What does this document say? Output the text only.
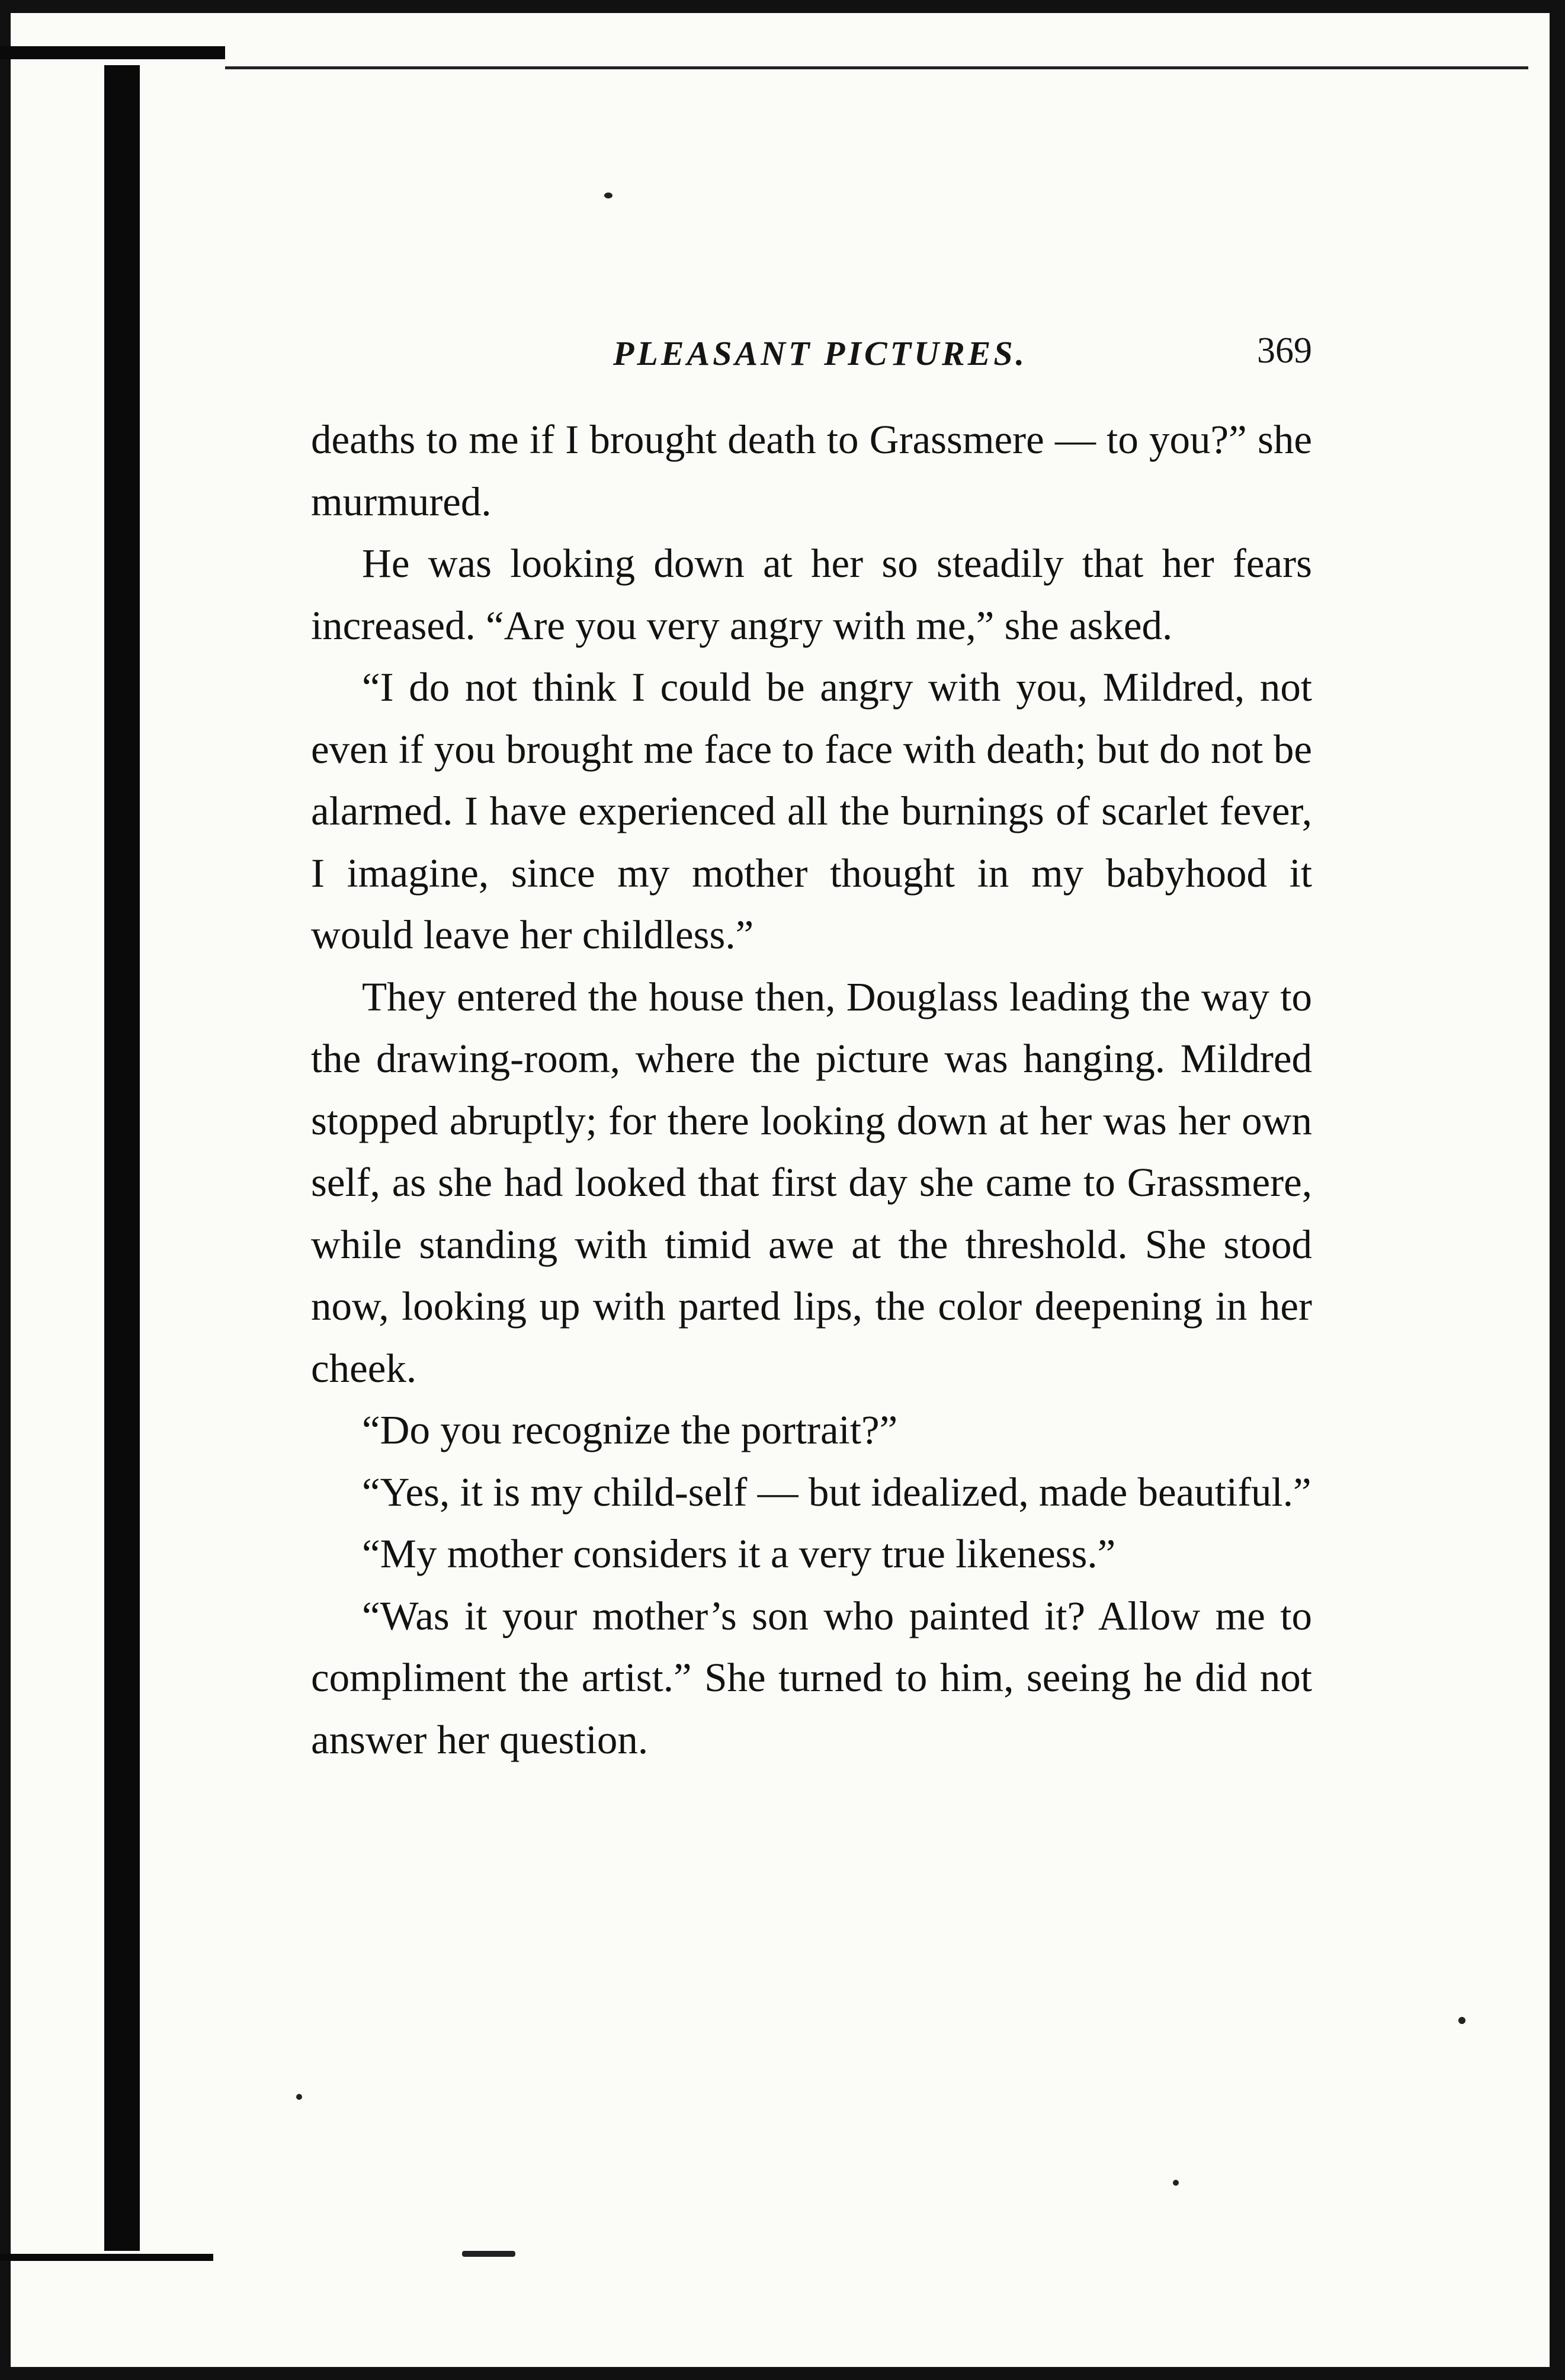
PLEASANT PICTURES.	369

deaths to me if I brought death to Grassmere — to you?” she murmured.

He was looking down at her so steadily that her fears increased. “Are you very angry with me,” she asked.

“I do not think I could be angry with you, Mildred, not even if you brought me face to face with death; but do not be alarmed. I have experienced all the burnings of scarlet fever, I imagine, since my mother thought in my babyhood it would leave her childless.”

They entered the house then, Douglass leading the way to the drawing-room, where the picture was hanging. Mildred stopped abruptly; for there looking down at her was her own self, as she had looked that first day she came to Grassmere, while standing with timid awe at the threshold. She stood now, looking up with parted lips, the color deepening in her cheek.

“Do you recognize the portrait?”

“Yes, it is my child-self — but idealized, made beautiful.”

“My mother considers it a very true likeness.”

“Was it your mother’s son who painted it? Allow me to compliment the artist.” She turned to him, seeing he did not answer her question.
